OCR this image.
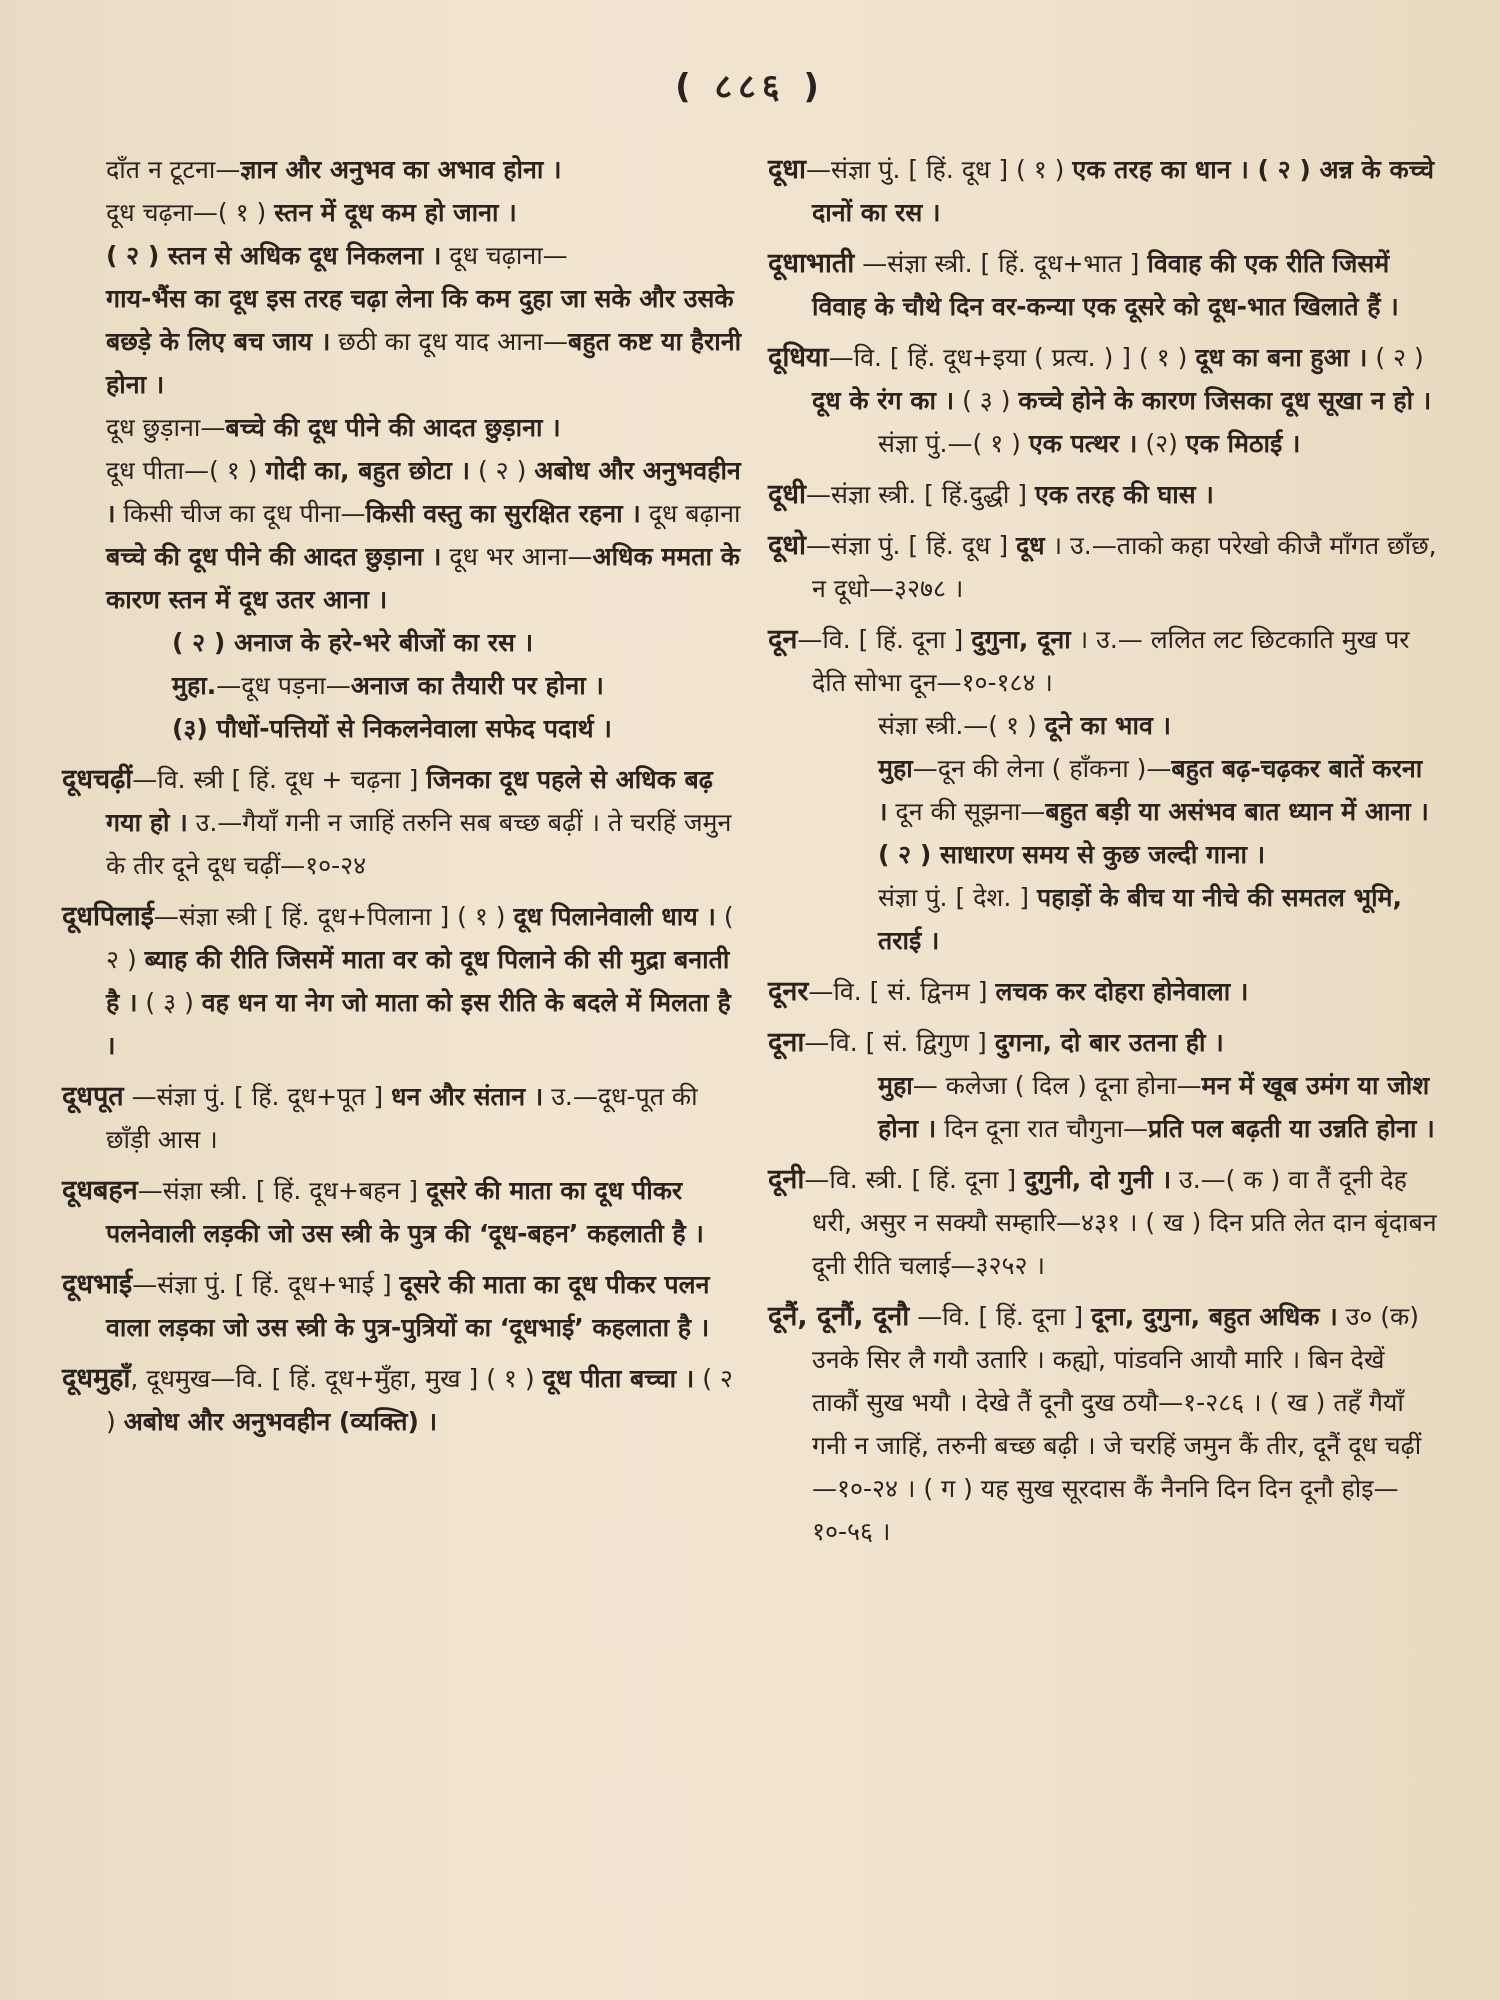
( ८८६ )

दाँत न टूटना—ज्ञान और अनुभव का अभाव होना ।

दूध चढ़ना—( १ ) स्तन में दूध कम हो जाना ।

( २ ) स्तन से अधिक दूध निकलना । दूध चढ़ाना—

गाय-भैंस का दूध इस तरह चढ़ा लेना कि कम दुहा जा सके और उसके बछड़े के लिए बच जाय । छठी का दूध याद आना—बहुत कष्ट या हैरानी होना ।

दूध छुड़ाना—बच्चे की दूध पीने की आदत छुड़ाना ।

दूध पीता—( १ ) गोदी का, बहुत छोटा । ( २ ) अबोध और अनुभवहीन । किसी चीज का दूध पीना—किसी वस्तु का सुरक्षित रहना । दूध बढ़ाना बच्चे की दूध पीने की आदत छुड़ाना । दूध भर आना—अधिक ममता के कारण स्तन में दूध उतर आना ।

( २ ) अनाज के हरे-भरे बीजों का रस ।

मुहा.—दूध पड़ना—अनाज का तैयारी पर होना ।

(३) पौधों-पत्तियों से निकलनेवाला सफेद पदार्थ ।

दूधचढ़ीं—वि. स्त्री [ हिं. दूध + चढ़ना ] जिनका दूध पहले से अधिक बढ़ गया हो । उ.—गैयाँ गनी न जाहिं तरुनि सब बच्छ बढ़ीं । ते चरहिं जमुन के तीर दूने दूध चढ़ीं—१०-२४

दूधपिलाई—संज्ञा स्त्री [ हिं. दूध+पिलाना ] ( १ ) दूध पिलानेवाली धाय । ( २ ) ब्याह की रीति जिसमें माता वर को दूध पिलाने की सी मुद्रा बनाती है । ( ३ ) वह धन या नेग जो माता को इस रीति के बदले में मिलता है ।

दूधपूत —संज्ञा पुं. [ हिं. दूध+पूत ] धन और संतान । उ.—दूध-पूत की छाँड़ी आस ।

दूधबहन—संज्ञा स्त्री. [ हिं. दूध+बहन ] दूसरे की माता का दूध पीकर पलनेवाली लड़की जो उस स्त्री के पुत्र की ‘दूध-बहन’ कहलाती है ।

दूधभाई—संज्ञा पुं. [ हिं. दूध+भाई ] दूसरे की माता का दूध पीकर पलन वाला लड़का जो उस स्त्री के पुत्र-पुत्रियों का ‘दूधभाई’ कहलाता है ।

दूधमुहाँ, दूधमुख—वि. [ हिं. दूध+मुँहा, मुख ] ( १ ) दूध पीता बच्चा । ( २ ) अबोध और अनुभवहीन (व्यक्ति) ।

दूधा—संज्ञा पुं. [ हिं. दूध ] ( १ ) एक तरह का धान । ( २ ) अन्न के कच्चे दानों का रस ।

दूधाभाती —संज्ञा स्त्री. [ हिं. दूध+भात ] विवाह की एक रीति जिसमें विवाह के चौथे दिन वर-कन्या एक दूसरे को दूध-भात खिलाते हैं ।

दूधिया—वि. [ हिं. दूध+इया ( प्रत्य. ) ] ( १ ) दूध का बना हुआ । ( २ ) दूध के रंग का । ( ३ ) कच्चे होने के कारण जिसका दूध सूखा न हो ।

संज्ञा पुं.—( १ ) एक पत्थर । (२) एक मिठाई ।

दूधी—संज्ञा स्त्री. [ हिं.दुद्धी ] एक तरह की घास ।

दूधो—संज्ञा पुं. [ हिं. दूध ] दूध । उ.—ताको कहा परेखो कीजै माँगत छाँछ, न दूधो—३२७८ ।

दून—वि. [ हिं. दूना ] दुगुना, दूना । उ.— ललित लट छिटकाति मुख पर देति सोभा दून—१०-१८४ ।

संज्ञा स्त्री.—( १ ) दूने का भाव ।

मुहा—दून की लेना ( हाँकना )—बहुत बढ़-चढ़कर बातें करना । दून की सूझना—बहुत बड़ी या असंभव बात ध्यान में आना ।

( २ ) साधारण समय से कुछ जल्दी गाना ।

संज्ञा पुं. [ देश. ] पहाड़ों के बीच या नीचे की समतल भूमि, तराई ।

दूनर—वि. [ सं. द्विनम ] लचक कर दोहरा होनेवाला ।

दूना—वि. [ सं. द्विगुण ] दुगना, दो बार उतना ही ।

मुहा— कलेजा ( दिल ) दूना होना—मन में खूब उमंग या जोश होना । दिन दूना रात चौगुना—प्रति पल बढ़ती या उन्नति होना ।

दूनी—वि. स्त्री. [ हिं. दूना ] दुगुनी, दो गुनी । उ.—( क ) वा तैं दूनी देह धरी, असुर न सक्यौ सम्हारि—४३१ । ( ख ) दिन प्रति लेत दान बृंदाबन दूनी रीति चलाई—३२५२ ।

दूनैं, दूनौं, दूनौ —वि. [ हिं. दूना ] दूना, दुगुना, बहुत अधिक । उ० (क) उनके सिर लै गयौ उतारि । कह्यो, पांडवनि आयौ मारि । बिन देखें ताकौं सुख भयौ । देखे तैं दूनौ दुख ठयौ—१-२८६ । ( ख ) तहँ गैयाँ गनी न जाहिं, तरुनी बच्छ बढ़ी । जे चरहिं जमुन कैं तीर, दूनैं दूध चढ़ीं—१०-२४ । ( ग ) यह सुख सूरदास कैं नैननि दिन दिन दूनौ होइ—१०-५६ ।
